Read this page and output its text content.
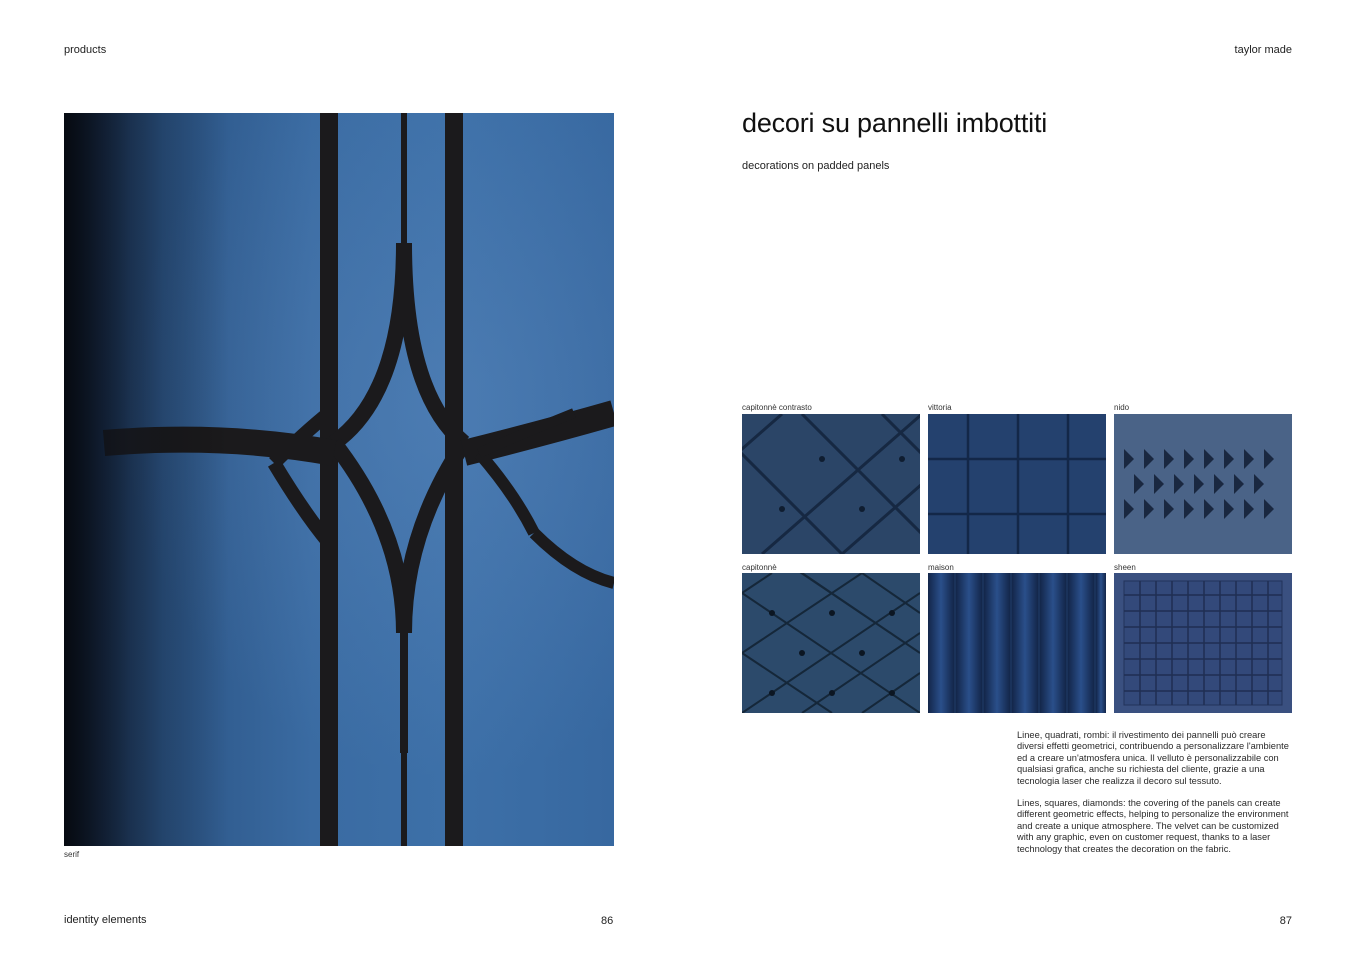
products	taylor made
serif
decori su pannelli imbottiti
decorations on padded panels
capitonnè contrasto	vittoria	nido
capitonnè	maison	sheen
Linee, quadrati, rombi: il rivestimento dei pannelli può creare diversi effetti geometrici, contribuendo a personalizzare l'ambiente ed a creare un'atmosfera unica. Il velluto è personalizzabile con qualsiasi grafica, anche su richiesta del cliente, grazie a una tecnologia laser che realizza il decoro sul tessuto.
Lines, squares, diamonds: the covering of the panels can create different geometric effects, helping to personalize the environment and create a unique atmosphere. The velvet can be customized with any graphic, even on customer request, thanks to a laser technology that creates the decoration on the fabric.
identity elements	86	87
